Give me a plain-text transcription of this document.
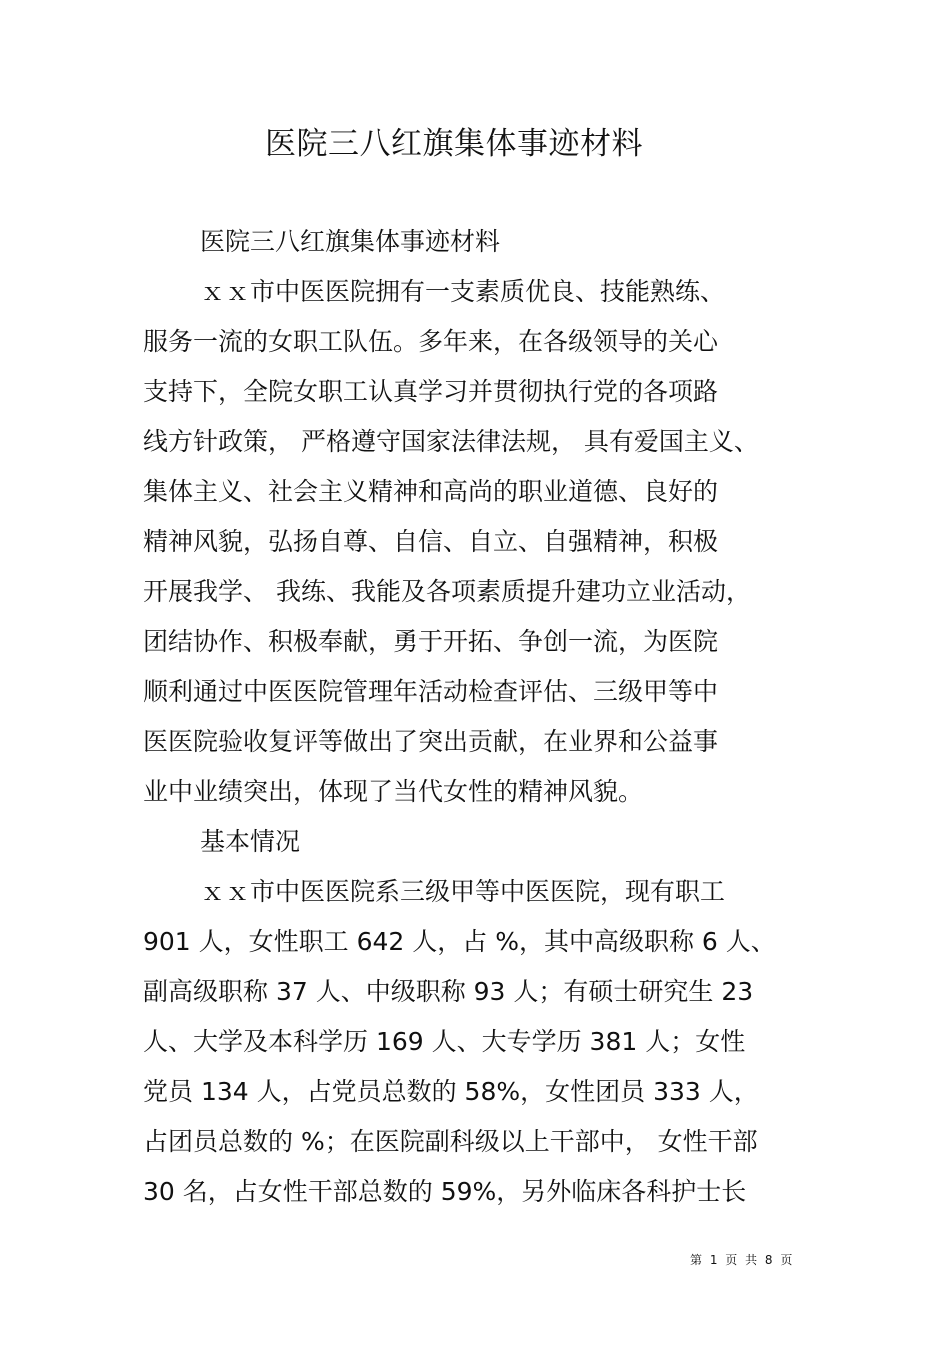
医院三八红旗集体事迹材料

医院三八红旗集体事迹材料

ｘｘ市中医医院拥有一支素质优良、技能熟练、

服务一流的女职工队伍。多年来，在各级领导的关心

支持下，全院女职工认真学习并贯彻执行党的各项路

线方针政策， 严格遵守国家法律法规， 具有爱国主义、

集体主义、社会主义精神和高尚的职业道德、良好的

精神风貌，弘扬自尊、自信、自立、自强精神，积极

开展我学、 我练、我能及各项素质提升建功立业活动，

团结协作、积极奉献，勇于开拓、争创一流，为医院

顺利通过中医医院管理年活动检查评估、三级甲等中

医医院验收复评等做出了突出贡献，在业界和公益事

业中业绩突出，体现了当代女性的精神风貌。

基本情况

ｘｘ市中医医院系三级甲等中医医院，现有职工

901 人，女性职工 642 人，占 %，其中高级职称 6 人、

副高级职称 37 人、中级职称 93 人；有硕士研究生 23

人、大学及本科学历 169 人、大专学历 381 人；女性

党员 134 人，占党员总数的 58%，女性团员 333 人，

占团员总数的 %；在医院副科级以上干部中， 女性干部

30 名，占女性干部总数的 59%，另外临床各科护士长

第 1 页 共 8 页
